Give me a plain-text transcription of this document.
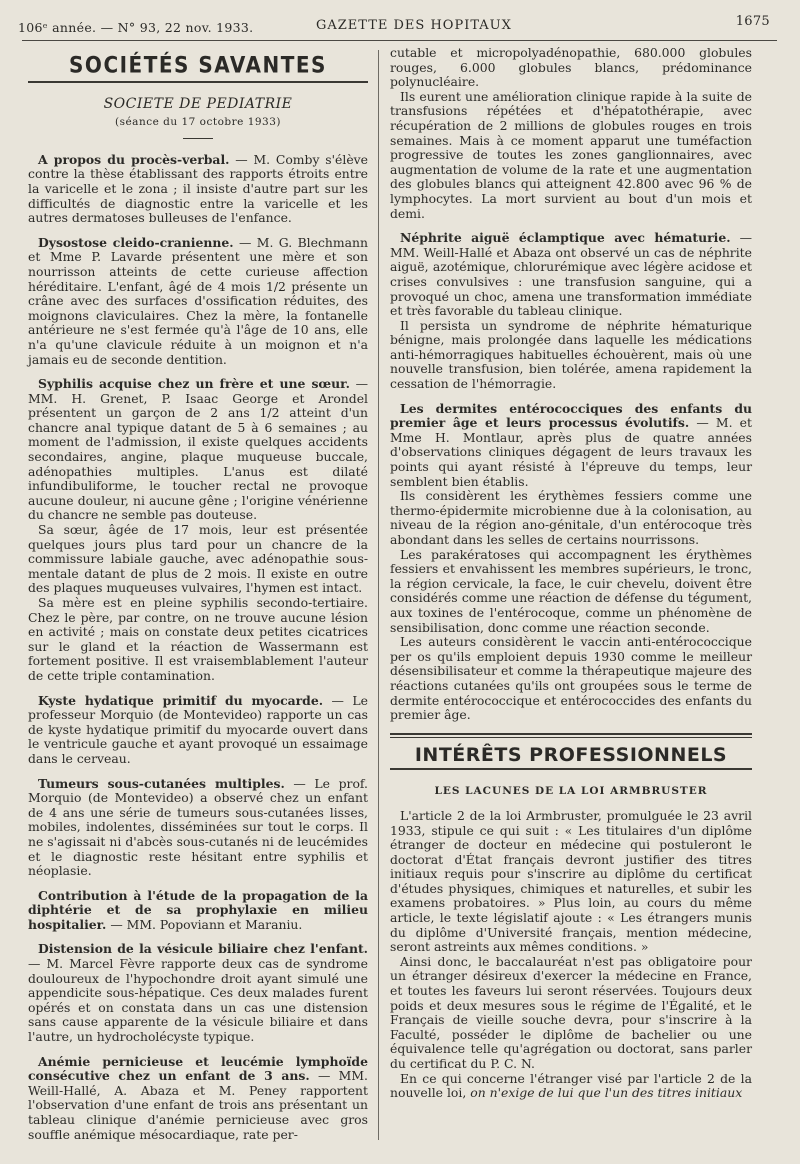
106ᵉ année. — N° 93, 22 nov. 1933.	GAZETTE DES HOPITAUX	1675
SOCIÉTÉS SAVANTES
SOCIETE DE PEDIATRIE
(séance du 17 octobre 1933)

A propos du procès-verbal. — M. Comby s'élève contre la thèse établissant des rapports étroits entre la varicelle et le zona ; il insiste d'autre part sur les difficultés de diagnostic entre la varicelle et les autres dermatoses bulleuses de l'enfance.

Dysostose cleido-cranienne. — M. G. Blechmann et Mme P. Lavarde présentent une mère et son nourrisson atteints de cette curieuse affection héréditaire. L'enfant, âgé de 4 mois 1/2 présente un crâne avec des surfaces d'ossification réduites, des moignons claviculaires. Chez la mère, la fontanelle antérieure ne s'est fermée qu'à l'âge de 10 ans, elle n'a qu'une clavicule réduite à un moignon et n'a jamais eu de seconde dentition.

Syphilis acquise chez un frère et une sœur. — MM. H. Grenet, P. Isaac George et Arondel présentent un garçon de 2 ans 1/2 atteint d'un chancre anal typique datant de 5 à 6 semaines ; au moment de l'admission, il existe quelques accidents secondaires, angine, plaque muqueuse buccale, adénopathies multiples. L'anus est dilaté infundibuliforme, le toucher rectal ne provoque aucune douleur, ni aucune gêne ; l'origine vénérienne du chancre ne semble pas douteuse.

Sa sœur, âgée de 17 mois, leur est présentée quelques jours plus tard pour un chancre de la commissure labiale gauche, avec adénopathie sous-mentale datant de plus de 2 mois. Il existe en outre des plaques muqueuses vulvaires, l'hymen est intact.

Sa mère est en pleine syphilis secondo-tertiaire. Chez le père, par contre, on ne trouve aucune lésion en activité ; mais on constate deux petites cicatrices sur le gland et la réaction de Wassermann est fortement positive. Il est vraisemblablement l'auteur de cette triple contamination.

Kyste hydatique primitif du myocarde. — Le professeur Morquio (de Montevideo) rapporte un cas de kyste hydatique primitif du myocarde ouvert dans le ventricule gauche et ayant provoqué un essaimage dans le cerveau.

Tumeurs sous-cutanées multiples. — Le prof. Morquio (de Montevideo) a observé chez un enfant de 4 ans une série de tumeurs sous-cutanées lisses, mobiles, indolentes, disséminées sur tout le corps. Il ne s'agissait ni d'abcès sous-cutanés ni de leucémides et le diagnostic reste hésitant entre syphilis et néoplasie.

Contribution à l'étude de la propagation de la diphtérie et de sa prophylaxie en milieu hospitalier. — MM. Popoviann et Maraniu.

Distension de la vésicule biliaire chez l'enfant. — M. Marcel Fèvre rapporte deux cas de syndrome douloureux de l'hypochondre droit ayant simulé une appendicite sous-hépatique. Ces deux malades furent opérés et on constata dans un cas une distension sans cause apparente de la vésicule biliaire et dans l'autre, un hydrocholécyste typique.

Anémie pernicieuse et leucémie lymphoïde consécutive chez un enfant de 3 ans. — MM. Weill-Hallé, A. Abaza et M. Peney rapportent l'observation d'une enfant de trois ans présentant un tableau clinique d'anémie pernicieuse avec gros souffle anémique mésocardiaque, rate per-

cutable et micropolyadénopathie, 680.000 globules rouges, 6.000 globules blancs, prédominance polynucléaire.

Ils eurent une amélioration clinique rapide à la suite de transfusions répétées et d'hépatothérapie, avec récupération de 2 millions de globules rouges en trois semaines. Mais à ce moment apparut une tuméfaction progressive de toutes les zones ganglionnaires, avec augmentation de volume de la rate et une augmentation des globules blancs qui atteignent 42.800 avec 96 % de lymphocytes. La mort survient au bout d'un mois et demi.

Néphrite aiguë éclamptique avec hématurie. — MM. Weill-Hallé et Abaza ont observé un cas de néphrite aiguë, azotémique, chlorurémique avec légère acidose et crises convulsives : une transfusion sanguine, qui a provoqué un choc, amena une transformation immédiate et très favorable du tableau clinique.

Il persista un syndrome de néphrite hématurique bénigne, mais prolongée dans laquelle les médications anti-hémorragiques habituelles échouèrent, mais où une nouvelle transfusion, bien tolérée, amena rapidement la cessation de l'hémorragie.

Les dermites entérococciques des enfants du premier âge et leurs processus évolutifs. — M. et Mme H. Montlaur, après plus de quatre années d'observations cliniques dégagent de leurs travaux les points qui ayant résisté à l'épreuve du temps, leur semblent bien établis.

Ils considèrent les érythèmes fessiers comme une thermo-épidermite microbienne due à la colonisation, au niveau de la région ano-génitale, d'un entérocoque très abondant dans les selles de certains nourrissons.

Les parakératoses qui accompagnent les érythèmes fessiers et envahissent les membres supérieurs, le tronc, la région cervicale, la face, le cuir chevelu, doivent être considérés comme une réaction de défense du tégument, aux toxines de l'entérocoque, comme un phénomène de sensibilisation, donc comme une réaction seconde.

Les auteurs considèrent le vaccin anti-entérococcique per os qu'ils emploient depuis 1930 comme le meilleur désensibilisateur et comme la thérapeutique majeure des réactions cutanées qu'ils ont groupées sous le terme de dermite entérococcique et entérococcides des enfants du premier âge.

INTÉRÊTS PROFESSIONNELS
LES LACUNES DE LA LOI ARMBRUSTER

L'article 2 de la loi Armbruster, promulguée le 23 avril 1933, stipule ce qui suit : « Les titulaires d'un diplôme étranger de docteur en médecine qui postuleront le doctorat d'État français devront justifier des titres initiaux requis pour s'inscrire au diplôme du certificat d'études physiques, chimiques et naturelles, et subir les examens probatoires. » Plus loin, au cours du même article, le texte législatif ajoute : « Les étrangers munis du diplôme d'Université français, mention médecine, seront astreints aux mêmes conditions. »

Ainsi donc, le baccalauréat n'est pas obligatoire pour un étranger désireux d'exercer la médecine en France, et toutes les faveurs lui seront réservées. Toujours deux poids et deux mesures sous le régime de l'Égalité, et le Français de vieille souche devra, pour s'inscrire à la Faculté, posséder le diplôme de bachelier ou une équivalence telle qu'agrégation ou doctorat, sans parler du certificat du P. C. N.

En ce qui concerne l'étranger visé par l'article 2 de la nouvelle loi, on n'exige de lui que l'un des titres initiaux
